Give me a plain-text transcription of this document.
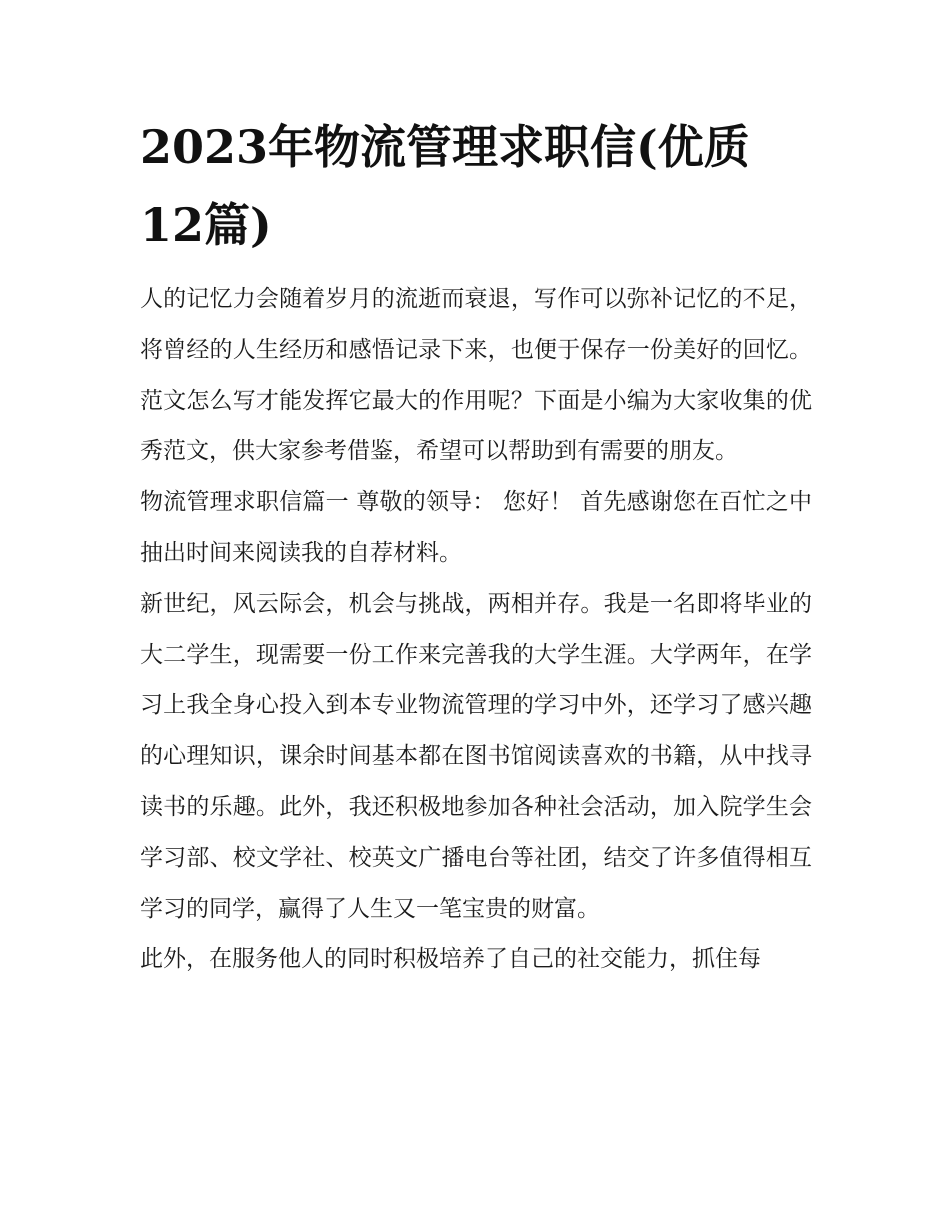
2023年物流管理求职信(优质12篇)

人的记忆力会随着岁月的流逝而衰退，写作可以弥补记忆的不足，将曾经的人生经历和感悟记录下来，也便于保存一份美好的回忆。范文怎么写才能发挥它最大的作用呢？下面是小编为大家收集的优秀范文，供大家参考借鉴，希望可以帮助到有需要的朋友。

物流管理求职信篇一 尊敬的领导： 您好！ 首先感谢您在百忙之中抽出时间来阅读我的自荐材料。

新世纪，风云际会，机会与挑战，两相并存。我是一名即将毕业的大二学生，现需要一份工作来完善我的大学生涯。大学两年，在学习上我全身心投入到本专业物流管理的学习中外，还学习了感兴趣的心理知识，课余时间基本都在图书馆阅读喜欢的书籍，从中找寻读书的乐趣。此外，我还积极地参加各种社会活动，加入院学生会学习部、校文学社、校英文广播电台等社团，结交了许多值得相互学习的同学，赢得了人生又一笔宝贵的财富。

此外，在服务他人的同时积极培养了自己的社交能力，抓住每
